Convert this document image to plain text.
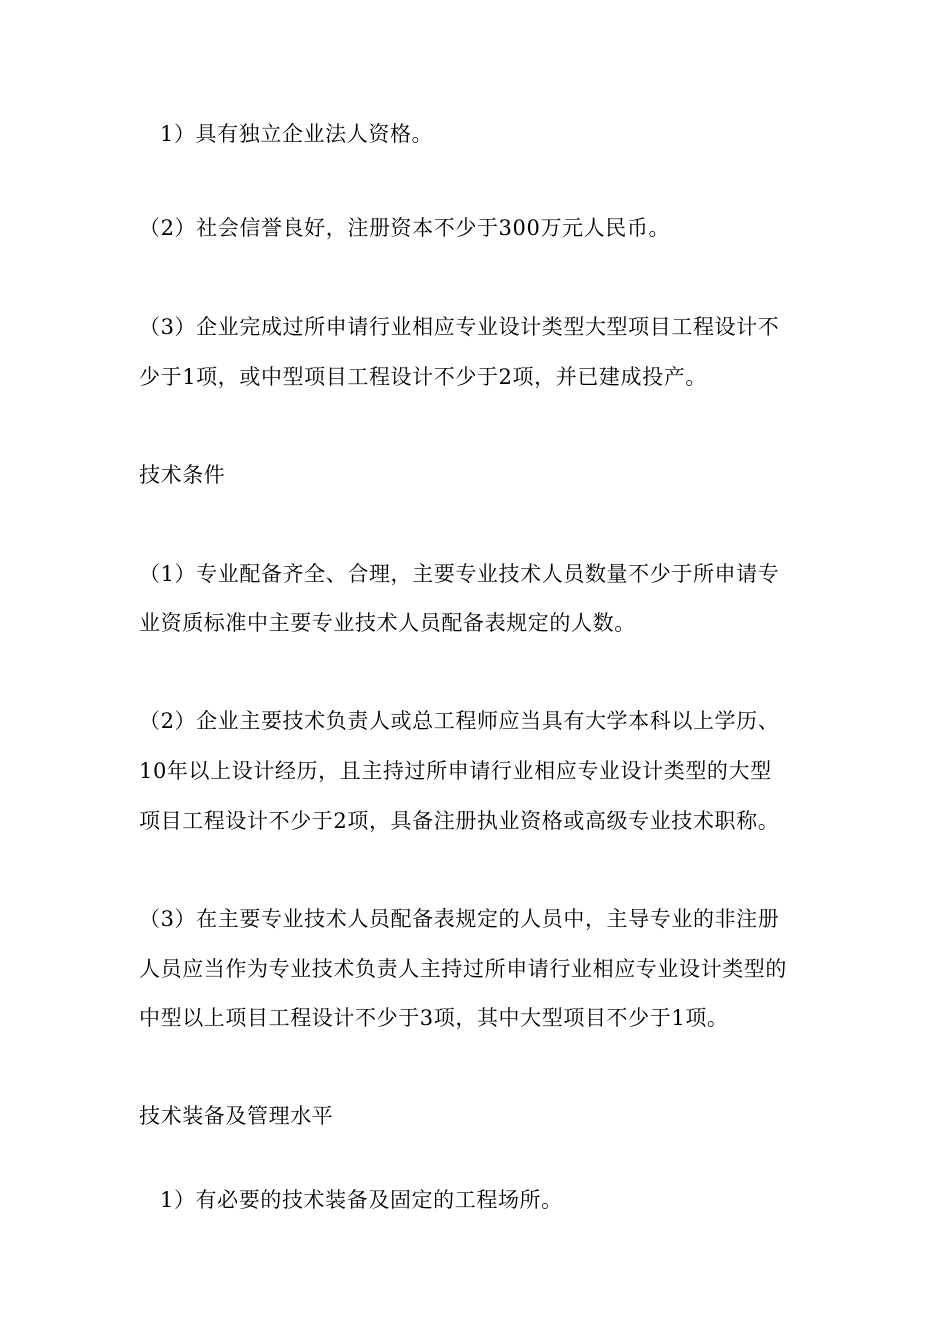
1）具有独立企业法人资格。
（2）社会信誉良好，注册资本不少于300万元人民币。
（3）企业完成过所申请行业相应专业设计类型大型项目工程设计不
少于1项，或中型项目工程设计不少于2项，并已建成投产。
技术条件
（1）专业配备齐全、合理，主要专业技术人员数量不少于所申请专
业资质标准中主要专业技术人员配备表规定的人数。
（2）企业主要技术负责人或总工程师应当具有大学本科以上学历、
10年以上设计经历，且主持过所申请行业相应专业设计类型的大型
项目工程设计不少于2项，具备注册执业资格或高级专业技术职称。
（3）在主要专业技术人员配备表规定的人员中，主导专业的非注册
人员应当作为专业技术负责人主持过所申请行业相应专业设计类型的
中型以上项目工程设计不少于3项，其中大型项目不少于1项。
技术装备及管理水平
1）有必要的技术装备及固定的工程场所。
